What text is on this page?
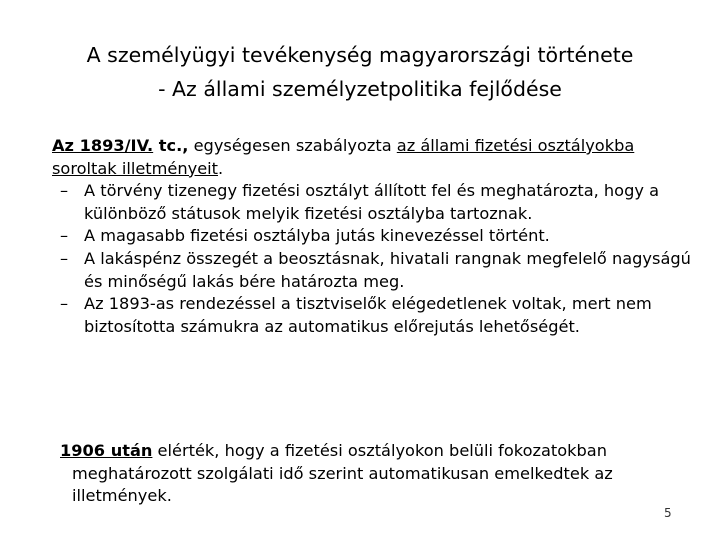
A személyügyi tevékenység magyarországi története
- Az állami személyzetpolitika fejlődése

Az 1893/IV. tc., egységesen szabályozta az állami fizetési osztályokba soroltak illetményeit.

– A törvény tizenegy fizetési osztályt állított fel és meghatározta, hogy a különböző státusok melyik fizetési osztályba tartoznak.
– A magasabb fizetési osztályba jutás kinevezéssel történt.
– A lakáspénz összegét a beosztásnak, hivatali rangnak megfelelő nagyságú és minőségű lakás bére határozta meg.
– Az 1893-as rendezéssel a tisztviselők elégedetlenek voltak, mert nem biztosította számukra az automatikus előrejutás lehetőségét.
1906 után elérték, hogy a fizetési osztályokon belüli fokozatokban meghatározott szolgálati idő szerint automatikusan emelkedtek az illetmények.
5
